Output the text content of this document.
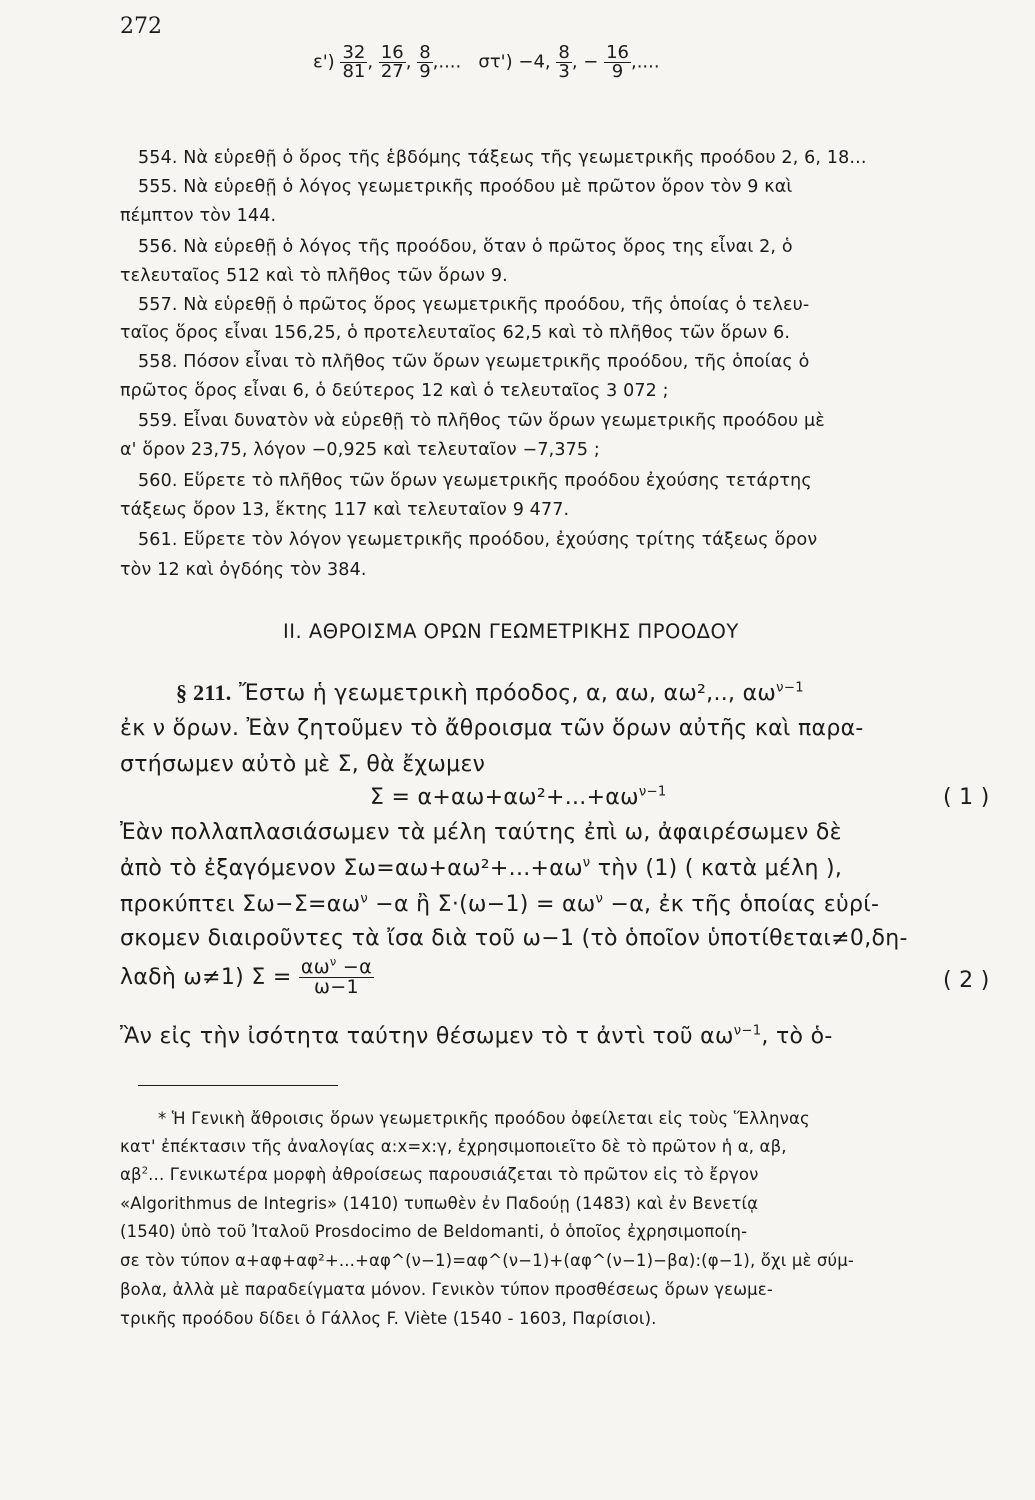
272
$\varepsilon') \frac{32}{81}$ , $\frac{16}{27}$ , $\frac{8}{9}$ ,.... στ') −4, $\frac{8}{3}$ , − $\frac{16}{9}$ ,....
554. Νὰ εὑρεθῇ ὁ ὅρος τῆς ἑβδόμης τάξεως τῆς γεωμετρικῆς προόδου 2, 6, 18...
555. Νὰ εὑρεθῇ ὁ λόγος γεωμετρικῆς προόδου μὲ πρῶτον ὅρον τὸν 9 καὶ
πέμπτον τὸν 144.
556. Νὰ εὑρεθῇ ὁ λόγος τῆς προόδου, ὅταν ὁ πρῶτος ὅρος της εἶναι 2, ὁ
τελευταῖος 512 καὶ τὸ πλῆθος τῶν ὅρων 9.
557. Νὰ εὑρεθῇ ὁ πρῶτος ὅρος γεωμετρικῆς προόδου, τῆς ὁποίας ὁ τελευ-
ταῖος ὅρος εἶναι 156,25, ὁ προτελευταῖος 62,5 καὶ τὸ πλῆθος τῶν ὅρων 6.
558. Πόσον εἶναι τὸ πλῆθος τῶν ὅρων γεωμετρικῆς προόδου, τῆς ὁποίας ὁ
πρῶτος ὅρος εἶναι 6, ὁ δεύτερος 12 καὶ ὁ τελευταῖος 3 072 ;
559. Εἶναι δυνατὸν νὰ εὑρεθῇ τὸ πλῆθος τῶν ὅρων γεωμετρικῆς προόδου μὲ
α' ὅρον 23,75, λόγον −0,925 καὶ τελευταῖον −7,375 ;
560. Εὕρετε τὸ πλῆθος τῶν ὅρων γεωμετρικῆς προόδου ἐχούσης τετάρτης
τάξεως ὅρον 13, ἕκτης 117 καὶ τελευταῖον 9 477.
561. Εὕρετε τὸν λόγον γεωμετρικῆς προόδου, ἐχούσης τρίτης τάξεως ὅρον
τὸν 12 καὶ ὀγδόης τὸν 384.
ΙΙ. ΑΘΡΟΙΣΜΑ ΟΡΩΝ ΓΕΩΜΕΤΡΙΚΗΣ ΠΡΟΟΔΟΥ
§ 211. Ἔστω ἡ γεωμετρικὴ πρόοδος, α, αω, αω²,.., $\alpha\omega^{\nu-1}$
ἐκ ν ὅρων. Ἐὰν ζητοῦμεν τὸ ἄθροισμα τῶν ὅρων αὐτῆς καὶ παρα-
στήσωμεν αὐτὸ μὲ Σ, θὰ ἔχωμεν
$\Sigma = \alpha+\alpha\omega+\alpha\omega^2+...+\alpha\omega^{\nu-1}$	( 1 )
Ἐὰν πολλαπλασιάσωμεν τὰ μέλη ταύτης ἐπὶ ω, ἀφαιρέσωμεν δὲ
ἀπὸ τὸ ἐξαγόμενον $\Sigma\omega=\alpha\omega+\alpha\omega^2+...+\alpha\omega^\nu$ τὴν (1) ( κατὰ μέλη ),
προκύπτει $\Sigma\omega-\Sigma=\alpha\omega^\nu -\alpha$ ἢ $\Sigma\cdot(\omega-1) = \alpha\omega^\nu -\alpha$, ἐκ τῆς ὁποίας εὑρί-
σκομεν διαιροῦντες τὰ ἴσα διὰ τοῦ ω−1 (τὸ ὁποῖον ὑποτίθεται≠0,δη-
λαδὴ ω≠1) $\Sigma = \frac{\alpha\omega^\nu -\alpha}{\omega-1}$	( 2 )
Ἂν εἰς τὴν ἰσότητα ταύτην θέσωμεν τὸ τ ἀντὶ τοῦ $\alpha\omega^{\nu-1}$, τὸ ὁ-
* Ἡ Γενικὴ ἄθροισις ὅρων γεωμετρικῆς προόδου ὀφείλεται εἰς τοὺς Ἕλληνας
κατ' ἐπέκτασιν τῆς ἀναλογίας α:x=x:γ, ἐχρησιμοποιεῖτο δὲ τὸ πρῶτον ἡ α, αβ,
$\alpha\beta^2$... Γενικωτέρα μορφὴ ἀθροίσεως παρουσιάζεται τὸ πρῶτον εἰς τὸ ἔργον
«Algorithmus de Integris» (1410) τυπωθὲν ἐν Παδούῃ (1483) καὶ ἐν Βενετίᾳ
(1540) ὑπὸ τοῦ Ἰταλοῦ Prosdocimo de Beldomanti, ὁ ὁποῖος ἐχρησιμοποίη-
σε τὸν τύπον α+αφ+αφ²+...+αφ^(ν−1)=αφ^(ν−1)+(αφ^(ν−1)−βα):(φ−1), ὄχι μὲ σύμ-
βολα, ἀλλὰ μὲ παραδείγματα μόνον. Γενικὸν τύπον προσθέσεως ὅρων γεωμε-
τρικῆς προόδου δίδει ὁ Γάλλος F. Viète (1540 - 1603, Παρίσιοι).
